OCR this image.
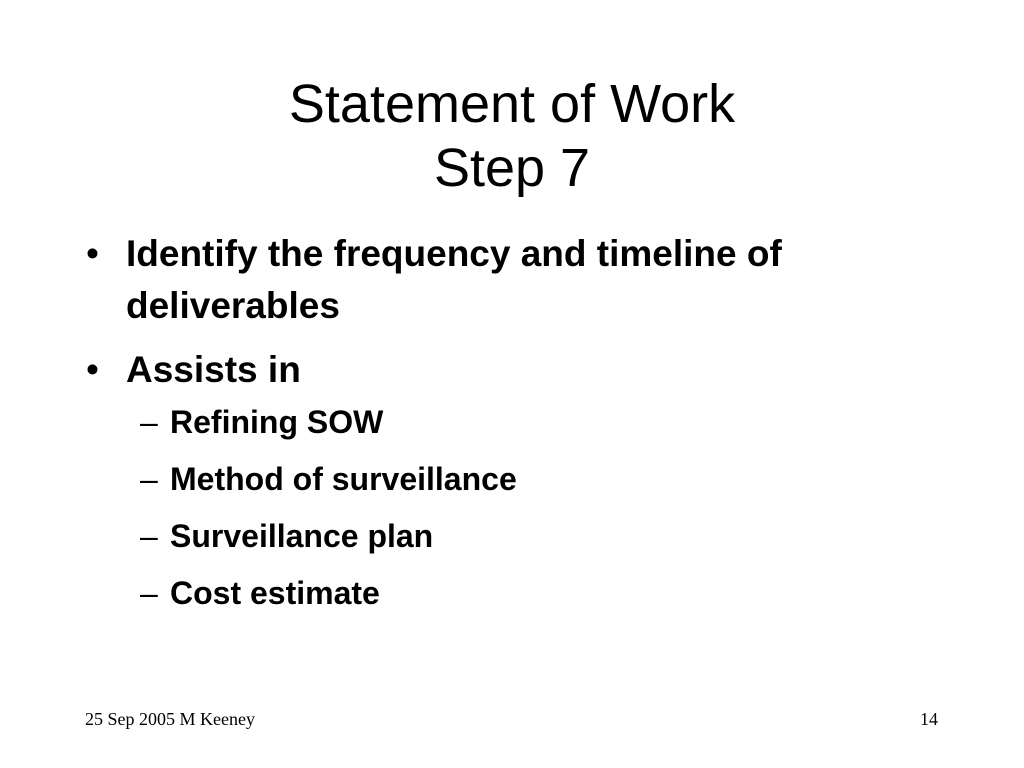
Statement of Work
Step 7
• Identify the frequency and timeline of deliverables
• Assists in
– Refining SOW
– Method of surveillance
– Surveillance plan
– Cost estimate
25 Sep 2005 M Keeney	14
